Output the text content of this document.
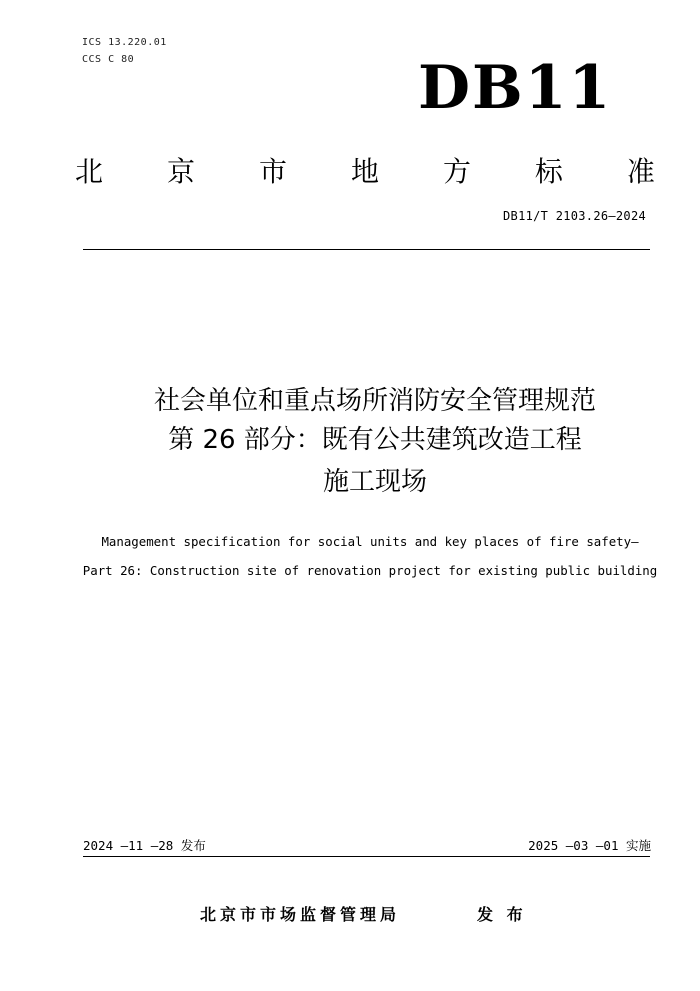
ICS 13.220.01
CCS C 80	DB11
北 京 市 地 方 标 准
DB11/T 2103.26—2024
社会单位和重点场所消防安全管理规范
第 26 部分：既有公共建筑改造工程
施工现场
Management specification for social units and key places of fire safety—
Part 26: Construction site of renovation project for existing public building
2024 —11 —28 发布	2025 —03 —01 实施
北京市市场监督管理局	发 布
